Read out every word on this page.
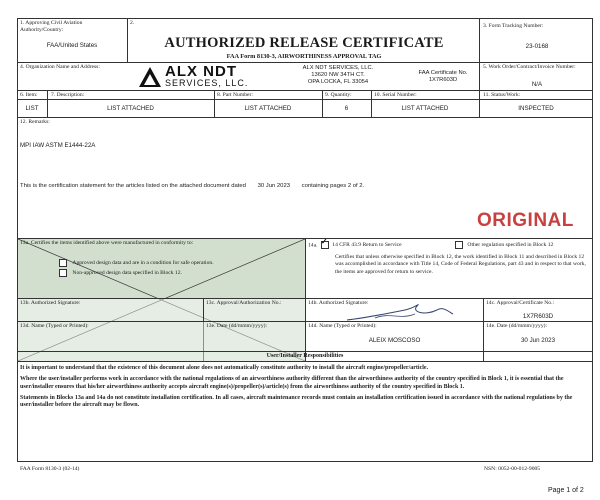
1. Approving Civil Aviation Authority/Country:
FAA/United States
2.
AUTHORIZED RELEASE CERTIFICATE
FAA Form 8130-3, AIRWORTHINESS APPROVAL TAG
3. Form Tracking Number:
23-0168
4. Organization Name and Address:	ALX NDT
SERVICES, LLC.
ALX NDT SERVICES, LLC.
13620 NW 34TH CT.
OPA LOCKA, FL 33054
FAA Certificate No.
1X7R603D
5. Work Order/Contract/Invoice Number:
N/A
6. Item: 7. Description:	8. Part Number:	9. Quantity:	10. Serial Number:	11. Status/Work:
LIST	LIST ATTACHED	LIST ATTACHED	6	LIST ATTACHED	INSPECTED
12. Remarks:
MPI IAW ASTM E1444-22A
This is the certification statement for the articles listed on the attached document dated 30 Jun 2023 containing pages 2 of 2.
ORIGINAL
13a. Certifies the items identified above were manufactured in conformity to:
Approved design data and are in a condition for safe operation.
Non-approved design data specified in Block 12.
14a. ✓ 14 CFR 43.9 Return to Service	Other regulation specified in Block 12
Certifies that unless otherwise specified in Block 12, the work identified in Block 11 and described in Block 12 was accomplished in accordance with Title 14, Code of Federal Regulations, part 43 and in respect to that work, the items are approved for return to service.
13b. Authorized Signature:	13c. Approval/Authorization No.:	14b. Authorized Signature:	14c. Approval/Certificate No.:
1X7R603D
13d. Name (Typed or Printed):	13e. Date (dd/mmm/yyyy):	14d. Name (Typed or Printed):
ALEIX MOSCOSO
14e. Date (dd/mmm/yyyy):
30 Jun 2023
User/Installer Responsibilities

It is important to understand that the existence of this document alone does not automatically constitute authority to install the aircraft engine/propeller/article.

Where the user/installer performs work in accordance with the national regulations of an airworthiness authority different than the airworthiness authority of the country specified in Block 1, it is essential that the user/installer ensures that his/her airworthiness authority accepts aircraft engine(s)/propeller(s)/article(s) from the airworthiness authority of the country specified in Block 1.

Statements in Blocks 13a and 14a do not constitute installation certification. In all cases, aircraft maintenance records must contain an installation certification issued in accordance with the national regulations by the user/installer before the aircraft may be flown.

FAA Form 8130-3 (02-14)	NSN: 0052-00-012-9005
Page 1 of 2
